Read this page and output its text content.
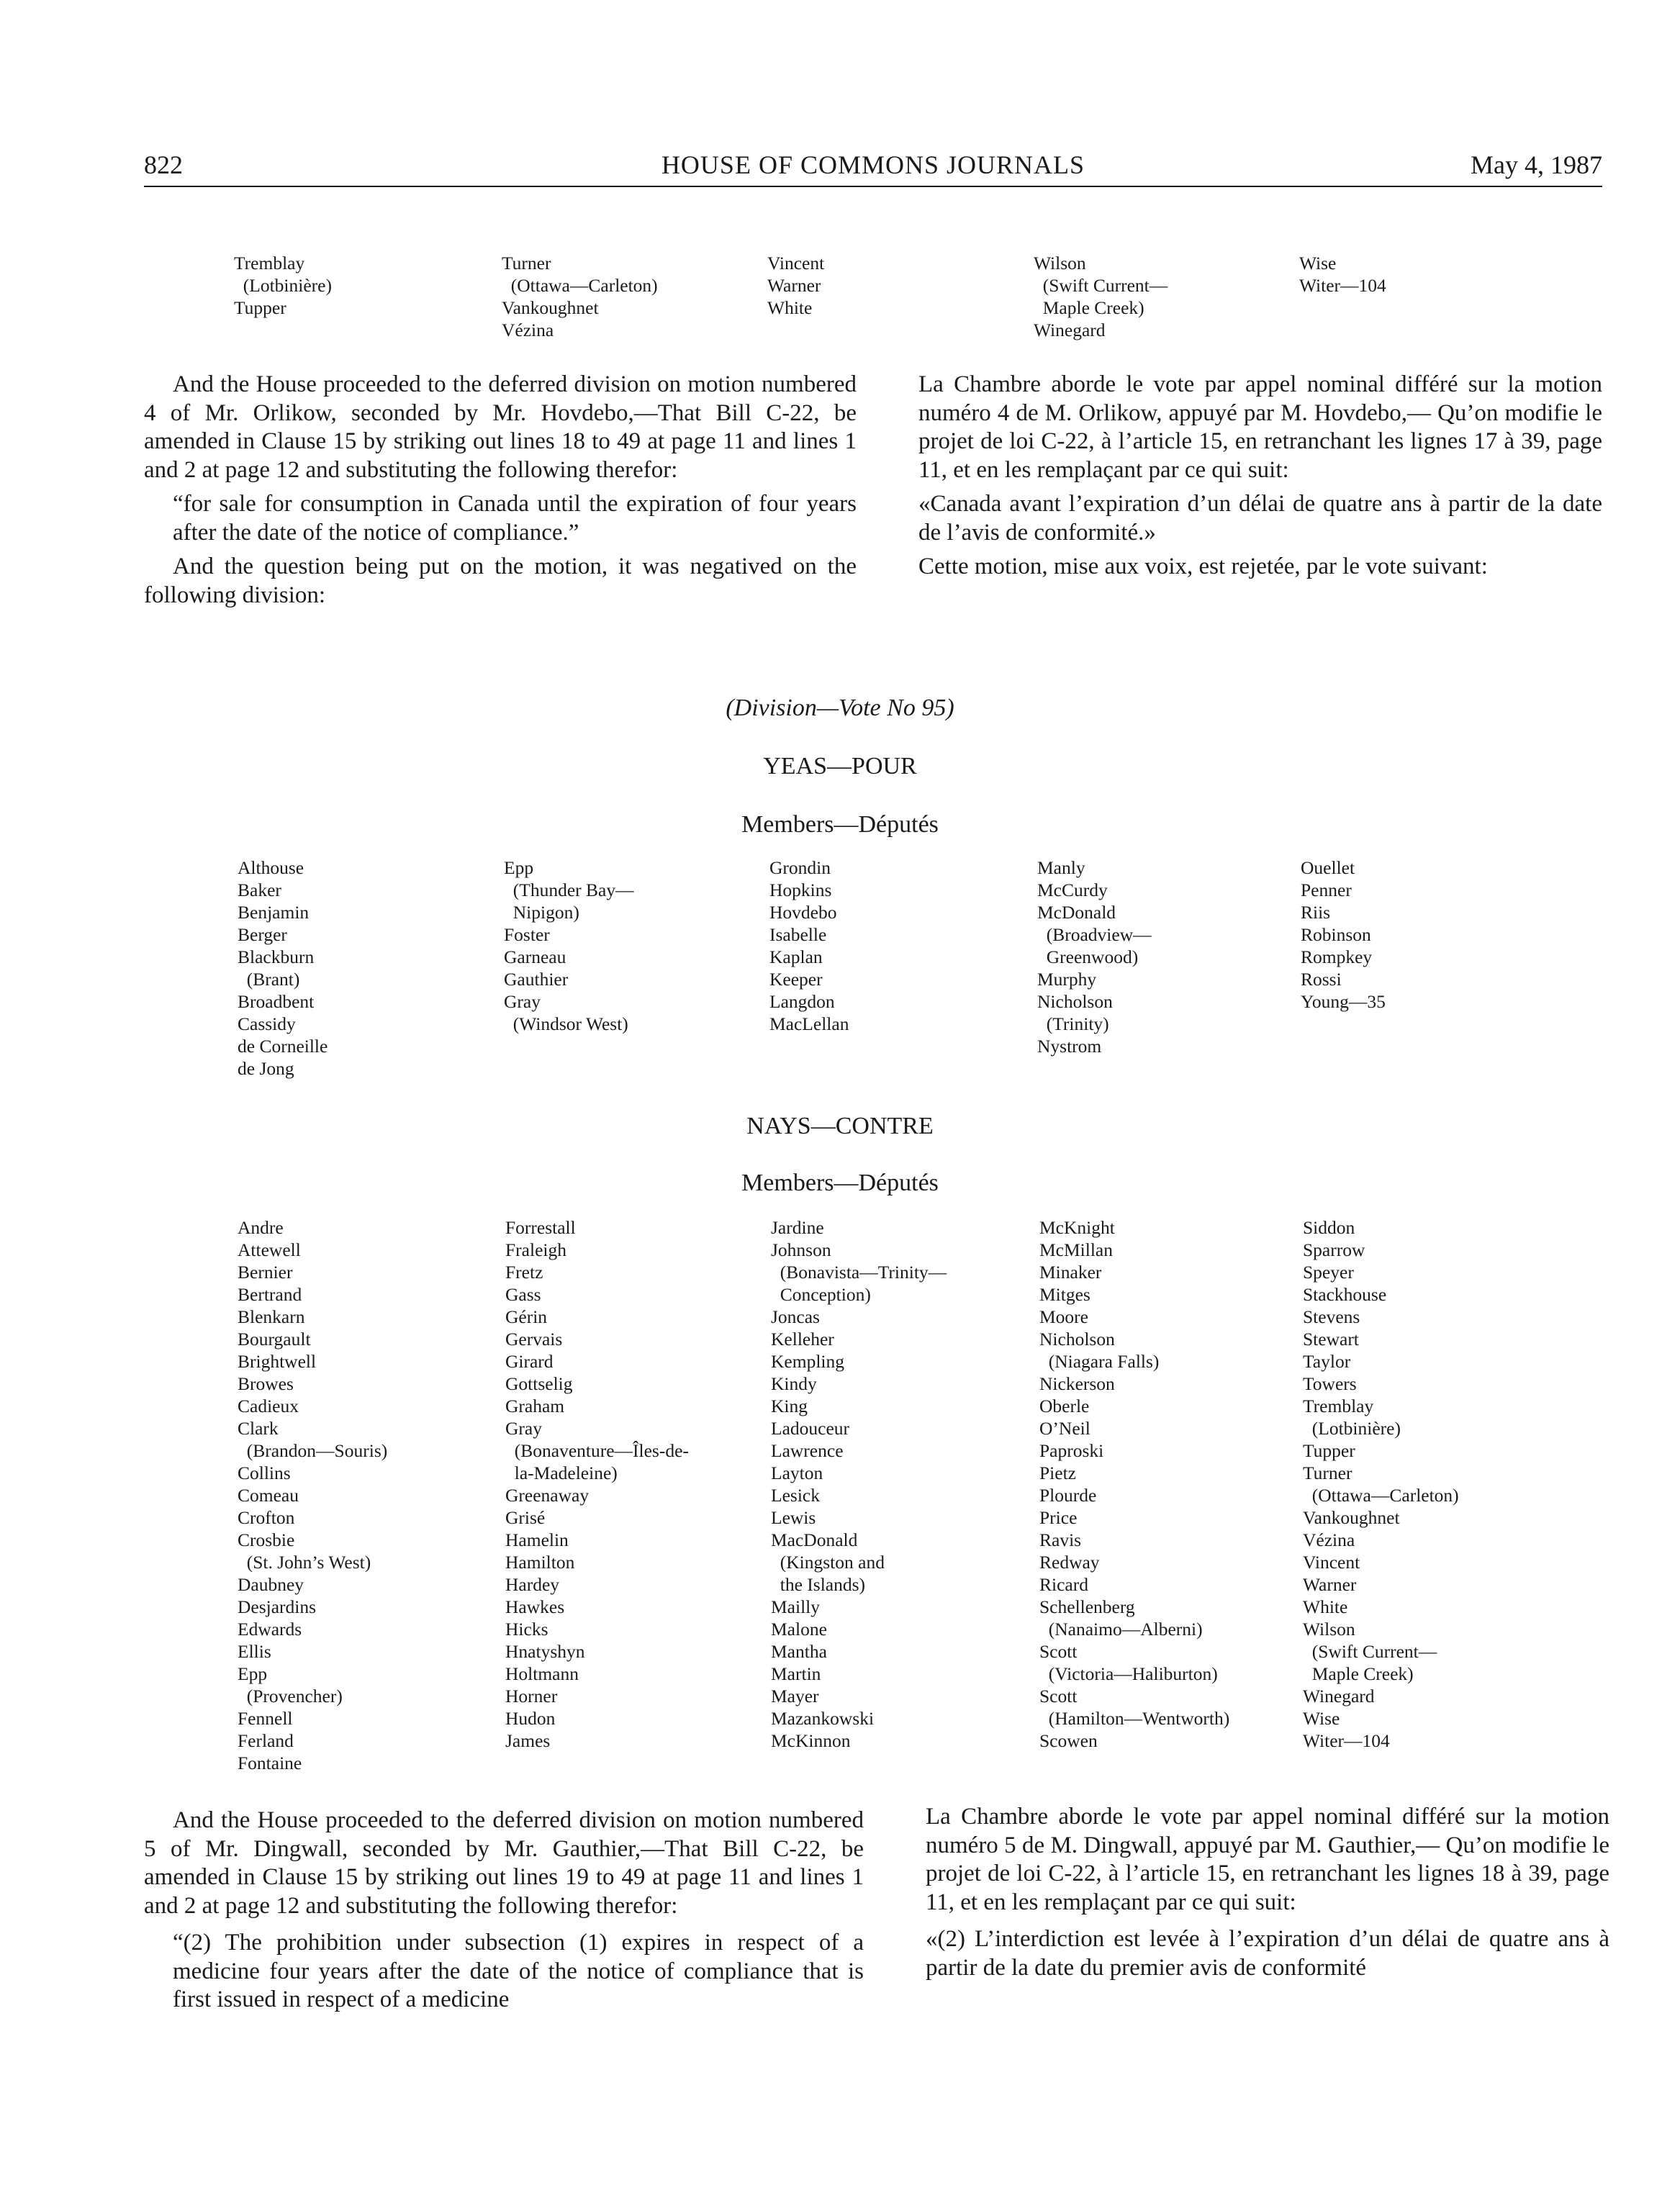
822	HOUSE OF COMMONS JOURNALS	May 4, 1987
Tremblay
(Lotbinière)
Tupper
Turner
(Ottawa—Carleton)
Vankoughnet
Vézina
Vincent
Warner
White
Wilson
(Swift Current—
Maple Creek)
Winegard
Wise
Witer—104

And the House proceeded to the deferred division on motion numbered 4 of Mr. Orlikow, seconded by Mr. Hovdebo,—That Bill C-22, be amended in Clause 15 by striking out lines 18 to 49 at page 11 and lines 1 and 2 at page 12 and substituting the following therefor:

“for sale for consumption in Canada until the expiration of four years after the date of the notice of compliance.”

And the question being put on the motion, it was negatived on the following division:

La Chambre aborde le vote par appel nominal différé sur la motion numéro 4 de M. Orlikow, appuyé par M. Hovdebo,— Qu’on modifie le projet de loi C-22, à l’article 15, en retranchant les lignes 17 à 39, page 11, et en les remplaçant par ce qui suit:

«Canada avant l’expiration d’un délai de quatre ans à partir de la date de l’avis de conformité.»

Cette motion, mise aux voix, est rejetée, par le vote suivant:

(Division—Vote No 95)
YEAS—POUR
Members—Députés
Althouse
Baker
Benjamin
Berger
Blackburn
(Brant)
Broadbent
Cassidy
de Corneille
de Jong
Epp
(Thunder Bay—
Nipigon)
Foster
Garneau
Gauthier
Gray
(Windsor West)
Grondin
Hopkins
Hovdebo
Isabelle
Kaplan
Keeper
Langdon
MacLellan
Manly
McCurdy
McDonald
(Broadview—
Greenwood)
Murphy
Nicholson
(Trinity)
Nystrom
Ouellet
Penner
Riis
Robinson
Rompkey
Rossi
Young—35
NAYS—CONTRE
Members—Députés
Andre
Attewell
Bernier
Bertrand
Blenkarn
Bourgault
Brightwell
Browes
Cadieux
Clark
(Brandon—Souris)
Collins
Comeau
Crofton
Crosbie
(St. John’s West)
Daubney
Desjardins
Edwards
Ellis
Epp
(Provencher)
Fennell
Ferland
Fontaine
Forrestall
Fraleigh
Fretz
Gass
Gérin
Gervais
Girard
Gottselig
Graham
Gray
(Bonaventure—Îles-de-
la-Madeleine)
Greenaway
Grisé
Hamelin
Hamilton
Hardey
Hawkes
Hicks
Hnatyshyn
Holtmann
Horner
Hudon
James
Jardine
Johnson
(Bonavista—Trinity—
Conception)
Joncas
Kelleher
Kempling
Kindy
King
Ladouceur
Lawrence
Layton
Lesick
Lewis
MacDonald
(Kingston and
the Islands)
Mailly
Malone
Mantha
Martin
Mayer
Mazankowski
McKinnon
McKnight
McMillan
Minaker
Mitges
Moore
Nicholson
(Niagara Falls)
Nickerson
Oberle
O’Neil
Paproski
Pietz
Plourde
Price
Ravis
Redway
Ricard
Schellenberg
(Nanaimo—Alberni)
Scott
(Victoria—Haliburton)
Scott
(Hamilton—Wentworth)
Scowen
Siddon
Sparrow
Speyer
Stackhouse
Stevens
Stewart
Taylor
Towers
Tremblay
(Lotbinière)
Tupper
Turner
(Ottawa—Carleton)
Vankoughnet
Vézina
Vincent
Warner
White
Wilson
(Swift Current—
Maple Creek)
Winegard
Wise
Witer—104

And the House proceeded to the deferred division on motion numbered 5 of Mr. Dingwall, seconded by Mr. Gauthier,—That Bill C-22, be amended in Clause 15 by striking out lines 19 to 49 at page 11 and lines 1 and 2 at page 12 and substituting the following therefor:

“(2) The prohibition under subsection (1) expires in respect of a medicine four years after the date of the notice of compliance that is first issued in respect of a medicine

La Chambre aborde le vote par appel nominal différé sur la motion numéro 5 de M. Dingwall, appuyé par M. Gauthier,— Qu’on modifie le projet de loi C-22, à l’article 15, en retranchant les lignes 18 à 39, page 11, et en les remplaçant par ce qui suit:

«(2) L’interdiction est levée à l’expiration d’un délai de quatre ans à partir de la date du premier avis de conformité
